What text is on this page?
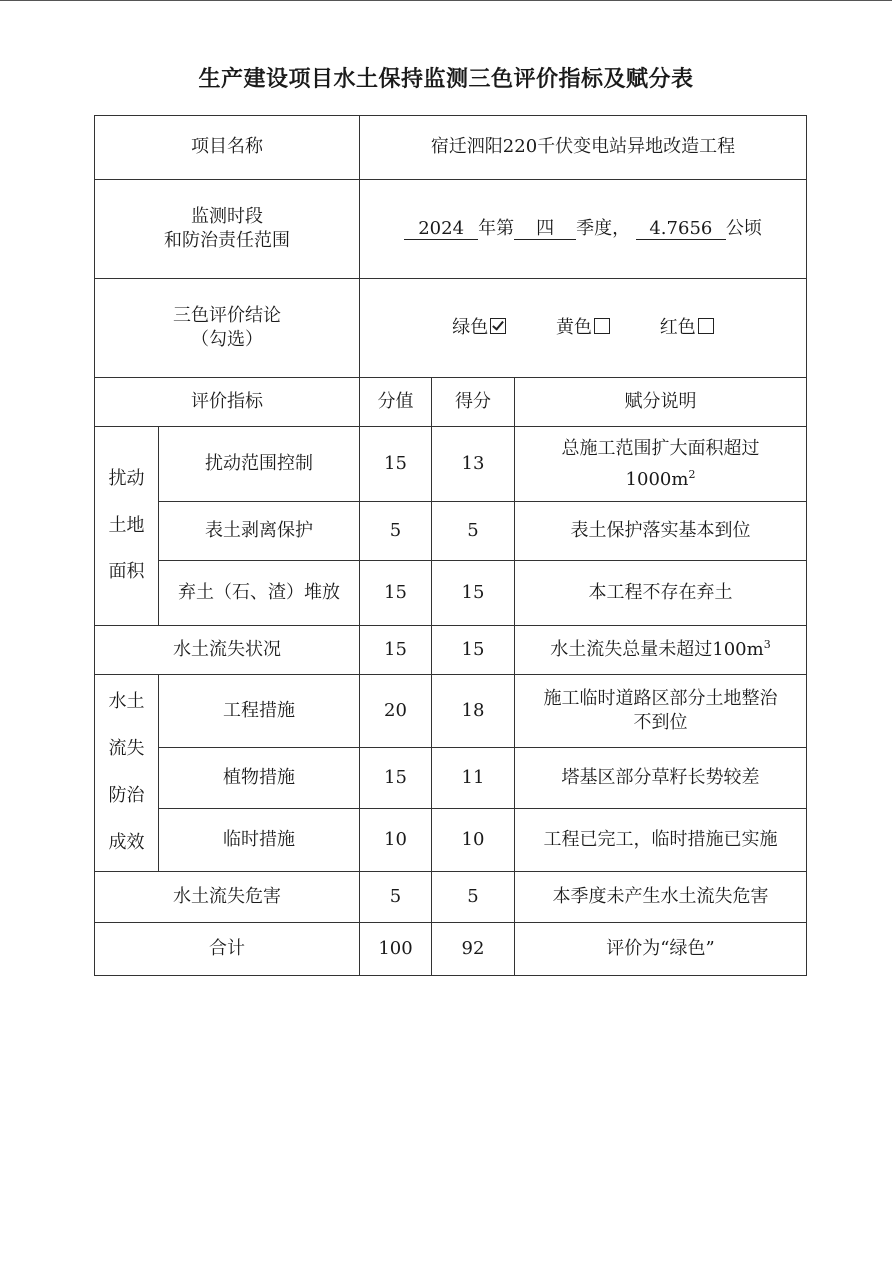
生产建设项目水土保持监测三色评价指标及赋分表
项目名称		宿迁泗阳220千伏变电站异地改造工程		

监测时段
和防治责任范围		2024 年第 四 季度， 4.7656 公顷		

三色评价结论
（勾选）		绿色 黄色 红色		
评价指标		分值	得分	赋分说明

扰动土地面积	扰动范围控制	15	13	总施工范围扩大面积超过
$1000m^2$

	表土剥离保护	5	5	表土保护落实基本到位
	弃土（石、渣）堆放	15	15	本工程不存在弃土
水土流失状况		15	15	水土流失总量未超过$100m^3$

水土流失防治成效	工程措施	20	18	施工临时道路区部分土地整治
不到位

	植物措施	15	11	塔基区部分草籽长势较差
	临时措施	10	10	工程已完工，临时措施已实施
水土流失危害		5	5	本季度未产生水土流失危害
合计		100	92	评价为“绿色”
